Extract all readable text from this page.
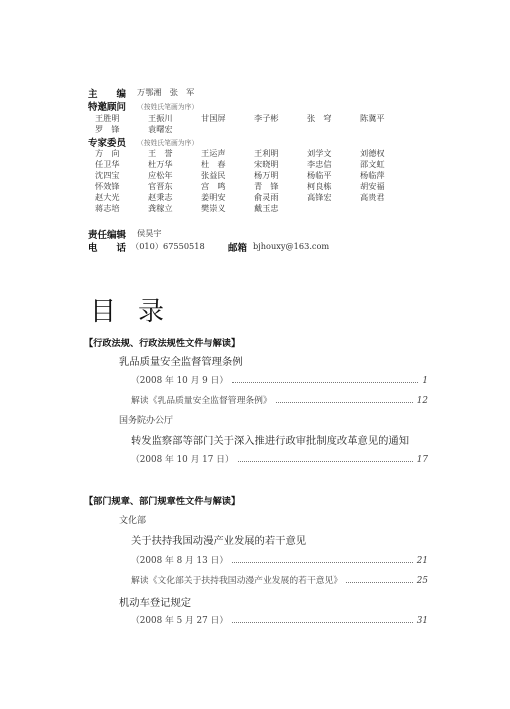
主　　编 万鄂湘　张　军
特邀顾问 （按姓氏笔画为序）
王胜明	王振川	甘国屏	李子彬	张　穹	陈冀平
罗　锋	袁曙宏
专家委员 （按姓氏笔画为序）
方　向	王　誉	王运声	王利明	刘学文	刘德权
任卫华	杜万华	杜　春	宋晓明	李忠信	邵文虹
沈四宝	应松年	张益民	杨万明	杨临平	杨临萍
怀效锋	官晋东	宫　鸣	青　锋	柯良栋	胡安福
赵大光	赵秉志	姜明安	俞灵雨	高锋宏	高贵君
蒋志培	龚稼立	樊崇义	戴玉忠
责任编辑 侯昊宇
电　　话 （010）67550518 邮箱 bjhouxy@163.com
目录
【行政法规、行政法规性文件与解读】
乳品质量安全监督管理条例
（2008 年 10 月 9 日）	1
解读《乳品质量安全监督管理条例》	12
国务院办公厅
转发监察部等部门关于深入推进行政审批制度改革意见的通知
（2008 年 10 月 17 日）	17
【部门规章、部门规章性文件与解读】
文化部
关于扶持我国动漫产业发展的若干意见
（2008 年 8 月 13 日）	21
解读《文化部关于扶持我国动漫产业发展的若干意见》	25
机动车登记规定
（2008 年 5 月 27 日）	31
